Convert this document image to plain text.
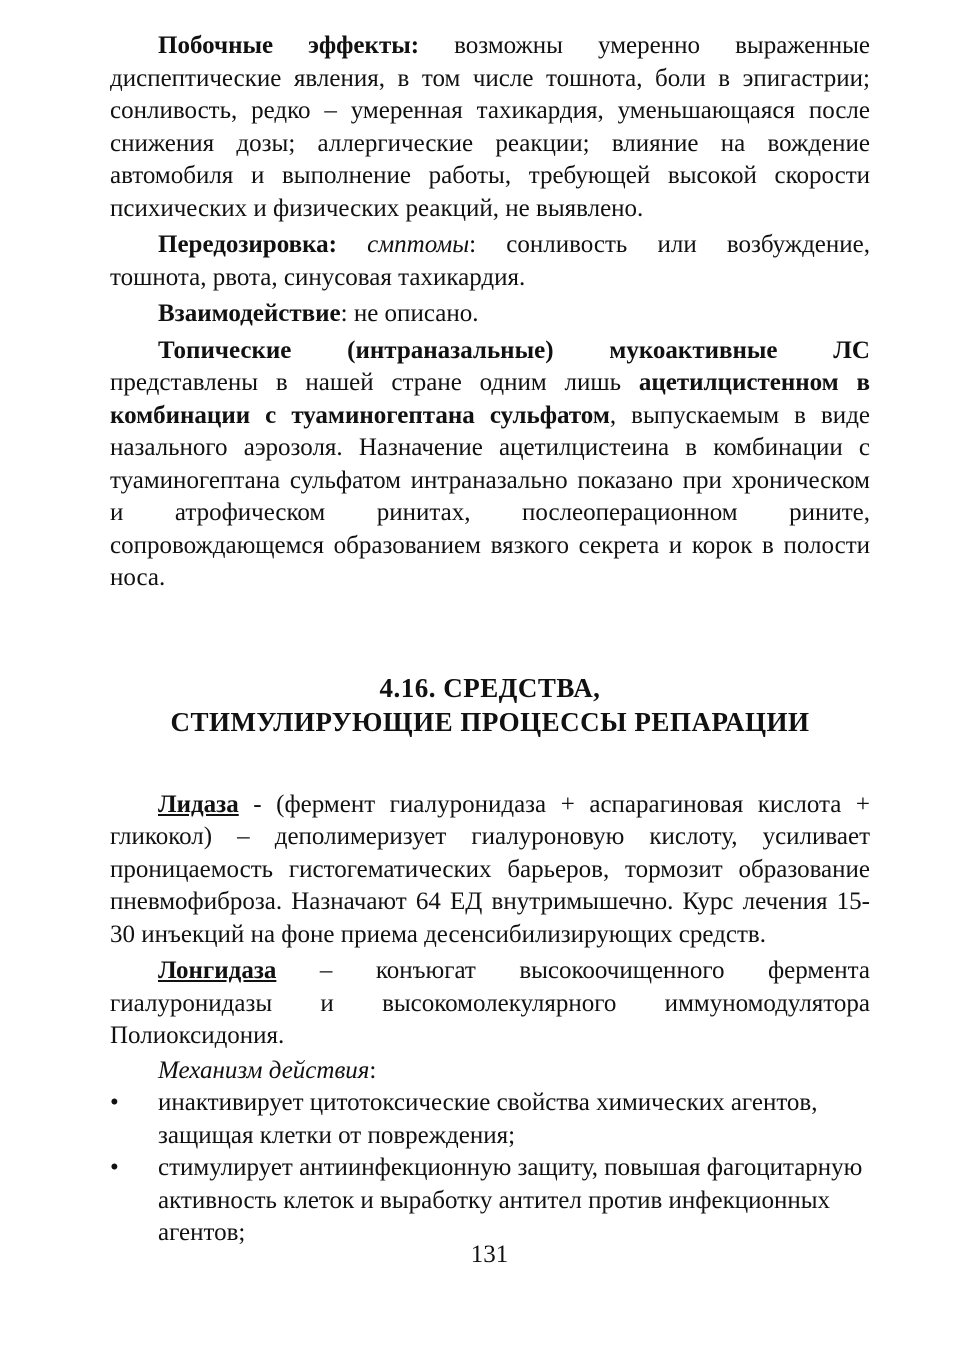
Побочные эффекты: возможны умеренно выраженные диспептические явления, в том числе тошнота, боли в эпигастрии; сонливость, редко – умеренная тахикардия, уменьшающаяся после снижения дозы; аллергические реакции; влияние на вождение автомобиля и выполнение работы, требующей высокой скорости психических и физических реакций, не выявлено.

Передозировка: смптомы: сонливость или возбуждение, тошнота, рвота, синусовая тахикардия.

Взаимодействие: не описано.

Топические (интраназальные) мукоактивные ЛС представлены в нашей стране одним лишь ацетилцистенном в комбинации с туаминогептана сульфатом, выпускаемым в виде назального аэрозоля. Назначение ацетилцистеина в комбинации с туаминогептана сульфатом интраназально показано при хроническом и атрофическом ринитах, послеоперационном рините, сопровождающемся образованием вязкого секрета и корок в полости носа.

4.16. СРЕДСТВА,
СТИМУЛИРУЮЩИЕ ПРОЦЕССЫ РЕПАРАЦИИ

Лидаза - (фермент гиалуронидаза + аспарагиновая кислота + гликокол) – деполимеризует гиалуроновую кислоту, усиливает проницаемость гистогематических барьеров, тормозит образование пневмофиброза. Назначают 64 ЕД внутримышечно. Курс лечения 15-30 инъекций на фоне приема десенсибилизирующих средств.

Лонгидаза – конъюгат высокоочищенного фермента гиалуронидазы и высокомолекулярного иммуномодулятора Полиоксидония.

Механизм действия:

• инактивирует цитотоксические свойства химических агентов, защищая клетки от повреждения;
• стимулирует антиинфекционную защиту, повышая фагоцитарную активность клеток и выработку антител против инфекционных агентов;
131
